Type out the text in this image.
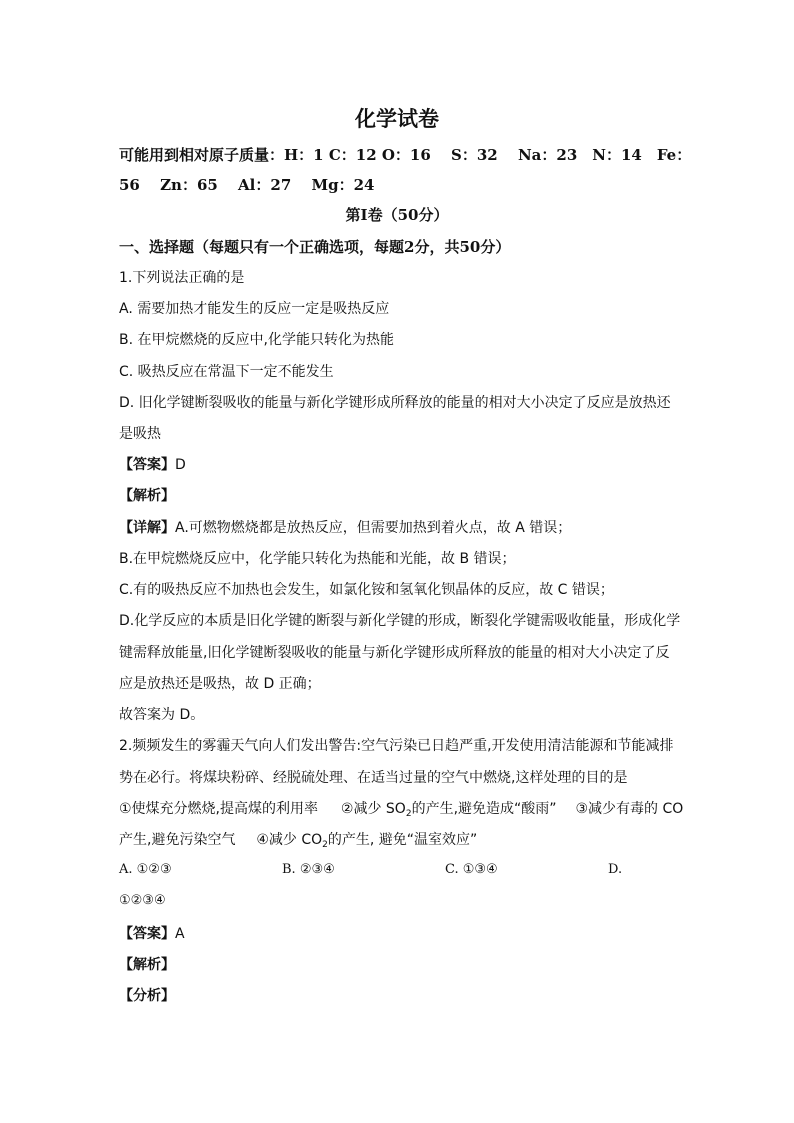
化学试卷
可能用到相对原子质量：H：1 C：12 O：16　 S：32　 Na：23　N：14　Fe：
56　 Zn：65　 Al：27　 Mg：24
第Ⅰ卷（50分）
一、选择题（每题只有一个正确选项，每题2分，共50分）
1.下列说法正确的是
A. 需要加热才能发生的反应一定是吸热反应
B. 在甲烷燃烧的反应中,化学能只转化为热能
C. 吸热反应在常温下一定不能发生
D. 旧化学键断裂吸收的能量与新化学键形成所释放的能量的相对大小决定了反应是放热还
是吸热
【答案】D
【解析】
【详解】A.可燃物燃烧都是放热反应，但需要加热到着火点，故 A 错误；
B.在甲烷燃烧反应中，化学能只转化为热能和光能，故 B 错误；
C.有的吸热反应不加热也会发生，如氯化铵和氢氧化钡晶体的反应，故 C 错误；
D.化学反应的本质是旧化学键的断裂与新化学键的形成，断裂化学键需吸收能量，形成化学
键需释放能量,旧化学键断裂吸收的能量与新化学键形成所释放的能量的相对大小决定了反
应是放热还是吸热，故 D 正确；
故答案为 D。
2.频频发生的雾霾天气向人们发出警告:空气污染已日趋严重,开发使用清洁能源和节能减排
势在必行。将煤块粉碎、经脱硫处理、在适当过量的空气中燃烧,这样处理的目的是
①使煤充分燃烧,提高煤的利用率 ②减少 $SO_2$的产生,避免造成“酸雨” ③减少有毒的 CO
产生,避免污染空气 ④减少 $CO_2$的产生, 避免“温室效应”
A. ①②③	B. ②③④	C. ①③④	D.
①②③④
【答案】A
【解析】
【分析】
